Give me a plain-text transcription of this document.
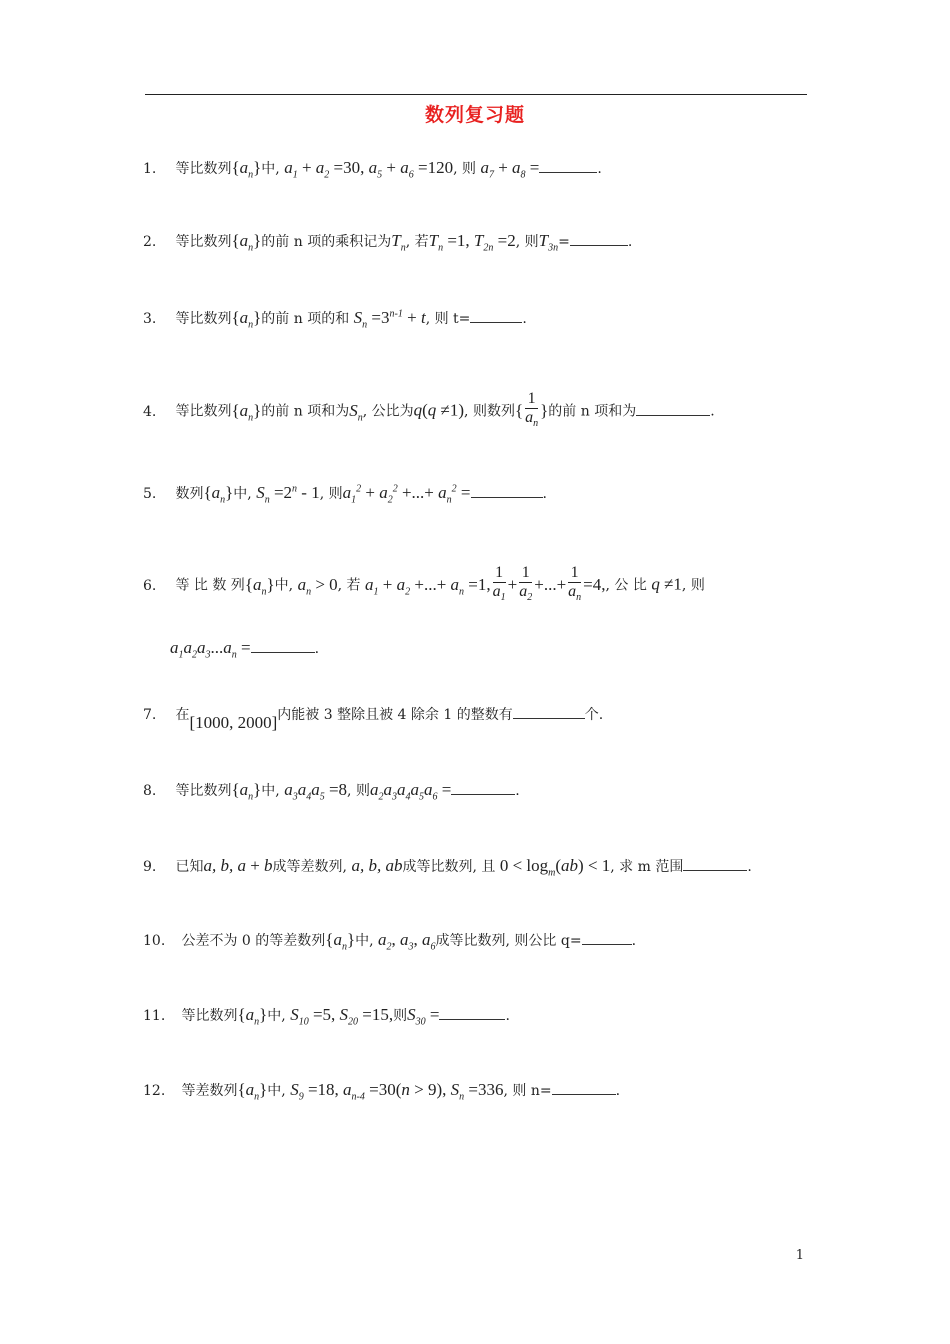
数列复习题
1. 等比数列$\{a_n\}$中, $a_1 + a_2 =30$, $a_5 + a_6 =120$, 则 $a_7 + a_8$ =	.
2. 等比数列$\{a_n\}$的前 n 项的乘积记为$T_n$, 若$T_n =1$, $T_{2n} =2$, 则$T_{3n}=$	.
3. 等比数列$\{a_n\}$的前 n 项的和 $S_n =3^{n-1} + t$, 则 t=	.
4. 等比数列$\{a_n\}$的前 n 项和为$S_n$, 公比为q(q ≠1), 则数列{ $\frac{1}{a_n}$ }的前 n 项和为	.
5. 数列$\{a_n\}$中, $S_n =2^n - 1$, 则$a_1^2 + a_2^2$ +...+ $a_n^2$ =	.
6. 等 比 数 列$\{a_n\}$中, $a_n > 0$, 若 $a_1 + a_2$ +...+ $a_n =1$, $\frac{1}{a_1} + \frac{1}{a_2}$ +...+ $\frac{1}{a_n} =4$,, 公 比 q ≠1, 则
$a_1a_2a_3...a_n$ =	.
7. 在[1000, 2000]内能被 3 整除且被 4 除余 1 的整数有	个.
8. 等比数列$\{a_n\}$中, $a_3a_4a_5 =8$, 则$a_2a_3a_4a_5a_6$ =	.
9. 已知a, b, a + b成等差数列, a, b, ab成等比数列, 且 $0 < \log_m(ab) < 1$, 求 m 范围	.
10. 公差不为 0 的等差数列$\{a_n\}$中, $a_2$, $a_3$, $a_6$成等比数列, 则公比 q=	.
11. 等比数列$\{a_n\}$中, $S_{10} =5$, $S_{20} =15$,则$S_{30}$ =	.
12. 等差数列$\{a_n\}$中, $S_9 =18$, $a_{n-4} =30(n > 9)$, $S_n =336$, 则 n=	.
1
